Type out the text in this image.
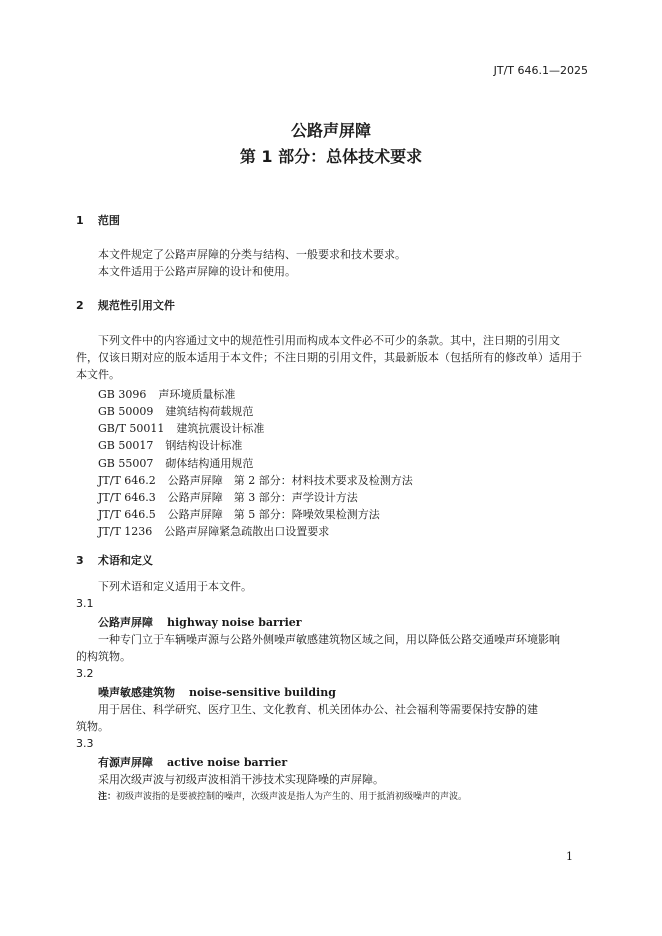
JT/T 646.1—2025
公路声屏障
第 1 部分：总体技术要求
1 范围
本文件规定了公路声屏障的分类与结构、一般要求和技术要求。
本文件适用于公路声屏障的设计和使用。
2 规范性引用文件
下列文件中的内容通过文中的规范性引用而构成本文件必不可少的条款。其中，注日期的引用文
件，仅该日期对应的版本适用于本文件；不注日期的引用文件，其最新版本（包括所有的修改单）适用于
本文件。
GB 3096 声环境质量标准
GB 50009 建筑结构荷载规范
GB/T 50011 建筑抗震设计标准
GB 50017 钢结构设计标准
GB 55007 砌体结构通用规范
JT/T 646.2 公路声屏障　第 2 部分：材料技术要求及检测方法
JT/T 646.3 公路声屏障　第 3 部分：声学设计方法
JT/T 646.5 公路声屏障　第 5 部分：降噪效果检测方法
JT/T 1236 公路声屏障紧急疏散出口设置要求
3 术语和定义
下列术语和定义适用于本文件。
3.1
公路声屏障 highway noise barrier
一种专门立于车辆噪声源与公路外侧噪声敏感建筑物区域之间，用以降低公路交通噪声环境影响
的构筑物。
3.2
噪声敏感建筑物 noise-sensitive building
用于居住、科学研究、医疗卫生、文化教育、机关团体办公、社会福利等需要保持安静的建
筑物。
3.3
有源声屏障 active noise barrier
采用次级声波与初级声波相消干涉技术实现降噪的声屏障。
注：初级声波指的是要被控制的噪声，次级声波是指人为产生的、用于抵消初级噪声的声波。
1
